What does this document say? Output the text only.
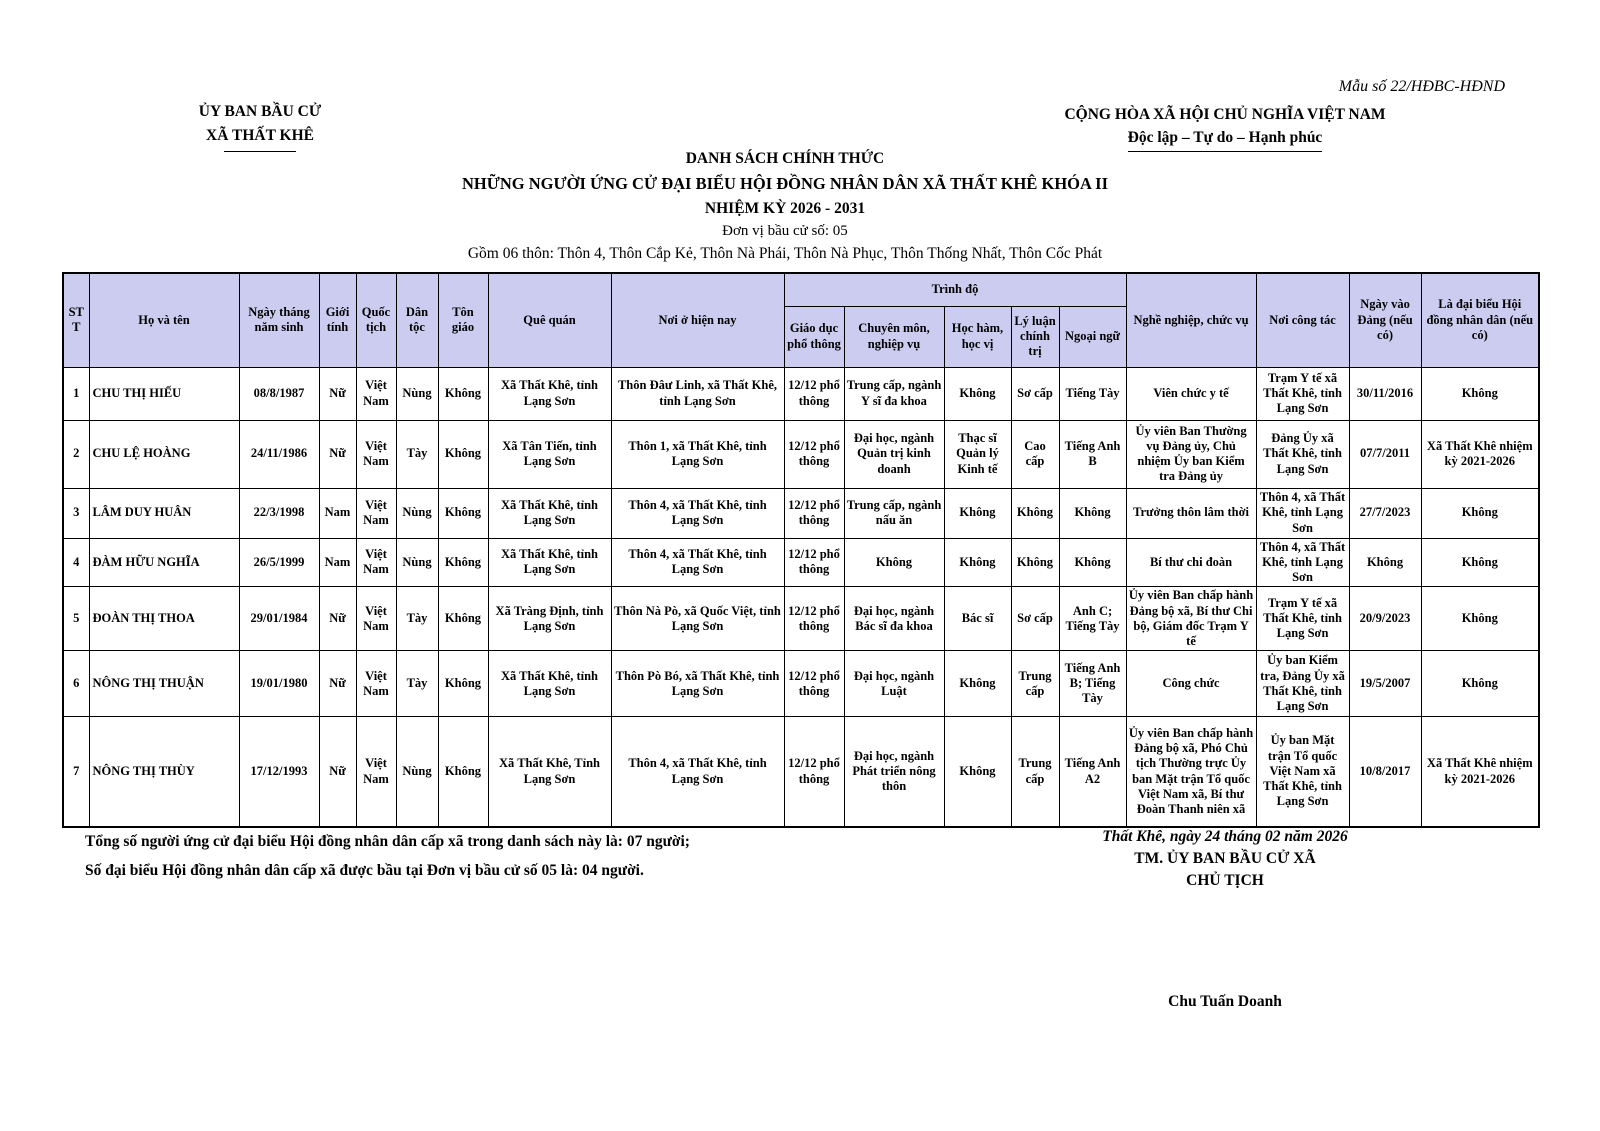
Mẫu số 22/HĐBC-HĐND
ỦY BAN BẦU CỬ
XÃ THẤT KHÊ
CỘNG HÒA XÃ HỘI CHỦ NGHĨA VIỆT NAM
Độc lập – Tự do – Hạnh phúc
DANH SÁCH CHÍNH THỨC
NHỮNG NGƯỜI ỨNG CỬ ĐẠI BIỂU HỘI ĐỒNG NHÂN DÂN XÃ THẤT KHÊ KHÓA II
NHIỆM KỲ 2026 - 2031
Đơn vị bầu cử số: 05
Gồm 06 thôn: Thôn 4, Thôn Cắp Kẻ, Thôn Nà Phái, Thôn Nà Phục, Thôn Thống Nhất, Thôn Cốc Phát
STT	Họ và tên	Ngày tháng năm sinh	Giới tính	Quốc tịch	Dân tộc	Tôn giáo	Quê quán	Nơi ở hiện nay	Trình độ					Nghề nghiệp, chức vụ	Nơi công tác	Ngày vào Đảng (nếu có)	Là đại biểu Hội đồng nhân dân (nếu có)
									Giáo dục phổ thông	Chuyên môn, nghiệp vụ	Học hàm, học vị	Lý luận chính trị	Ngoại ngữ				
1	CHU THỊ HIẾU	08/8/1987	Nữ	Việt Nam	Nùng	Không	Xã Thất Khê, tỉnh Lạng Sơn	Thôn Đâư Linh, xã Thất Khê, tỉnh Lạng Sơn	12/12 phổ thông	Trung cấp, ngành Y sĩ đa khoa	Không	Sơ cấp	Tiếng Tày	Viên chức y tế	Trạm Y tế xã Thất Khê, tỉnh Lạng Sơn	30/11/2016	Không
2	CHU LỆ HOÀNG	24/11/1986	Nữ	Việt Nam	Tày	Không	Xã Tân Tiến, tỉnh Lạng Sơn	Thôn 1, xã Thất Khê, tỉnh Lạng Sơn	12/12 phổ thông	Đại học, ngành Quản trị kinh doanh	Thạc sĩ Quản lý Kinh tế	Cao cấp	Tiếng Anh B	Ủy viên Ban Thường vụ Đảng ủy, Chủ nhiệm Ủy ban Kiểm tra Đảng ủy	Đảng Ủy xã Thất Khê, tỉnh Lạng Sơn	07/7/2011	Xã Thất Khê nhiệm kỳ 2021-2026
3	LÂM DUY HUÂN	22/3/1998	Nam	Việt Nam	Nùng	Không	Xã Thất Khê, tỉnh Lạng Sơn	Thôn 4, xã Thất Khê, tỉnh Lạng Sơn	12/12 phổ thông	Trung cấp, ngành nấu ăn	Không	Không	Không	Trưởng thôn lâm thời	Thôn 4, xã Thất Khê, tỉnh Lạng Sơn	27/7/2023	Không
4	ĐÀM HỮU NGHĨA	26/5/1999	Nam	Việt Nam	Nùng	Không	Xã Thất Khê, tỉnh Lạng Sơn	Thôn 4, xã Thất Khê, tỉnh Lạng Sơn	12/12 phổ thông	Không	Không	Không	Không	Bí thư chi đoàn	Thôn 4, xã Thất Khê, tỉnh Lạng Sơn	Không	Không
5	ĐOÀN THỊ THOA	29/01/1984	Nữ	Việt Nam	Tày	Không	Xã Tràng Định, tỉnh Lạng Sơn	Thôn Nà Pò, xã Quốc Việt, tỉnh Lạng Sơn	12/12 phổ thông	Đại học, ngành Bác sĩ đa khoa	Bác sĩ	Sơ cấp	Anh C; Tiếng Tày	Ủy viên Ban chấp hành Đảng bộ xã, Bí thư Chi bộ, Giám đốc Trạm Y tế	Trạm Y tế xã Thất Khê, tỉnh Lạng Sơn	20/9/2023	Không
6	NÔNG THỊ THUẬN	19/01/1980	Nữ	Việt Nam	Tày	Không	Xã Thất Khê, tỉnh Lạng Sơn	Thôn Pò Bó, xã Thất Khê, tỉnh Lạng Sơn	12/12 phổ thông	Đại học, ngành Luật	Không	Trung cấp	Tiếng Anh B; Tiếng Tày	Công chức	Ủy ban Kiểm tra, Đảng Ủy xã Thất Khê, tỉnh Lạng Sơn	19/5/2007	Không
7	NÔNG THỊ THÙY	17/12/1993	Nữ	Việt Nam	Nùng	Không	Xã Thất Khê, Tỉnh Lạng Sơn	Thôn 4, xã Thất Khê, tỉnh Lạng Sơn	12/12 phổ thông	Đại học, ngành Phát triển nông thôn	Không	Trung cấp	Tiếng Anh A2	Ủy viên Ban chấp hành Đảng bộ xã, Phó Chủ tịch Thường trực Ủy ban Mặt trận Tổ quốc Việt Nam xã, Bí thư Đoàn Thanh niên xã	Ủy ban Mặt trận Tổ quốc Việt Nam xã Thất Khê, tỉnh Lạng Sơn	10/8/2017	Xã Thất Khê nhiệm kỳ 2021-2026
Tổng số người ứng cử đại biểu Hội đồng nhân dân cấp xã trong danh sách này là: 07 người;
Số đại biểu Hội đồng nhân dân cấp xã được bầu tại Đơn vị bầu cử số 05 là: 04 người.
Thất Khê, ngày 24 tháng 02 năm 2026
TM. ỦY BAN BẦU CỬ XÃ
CHỦ TỊCH
Chu Tuấn Doanh
